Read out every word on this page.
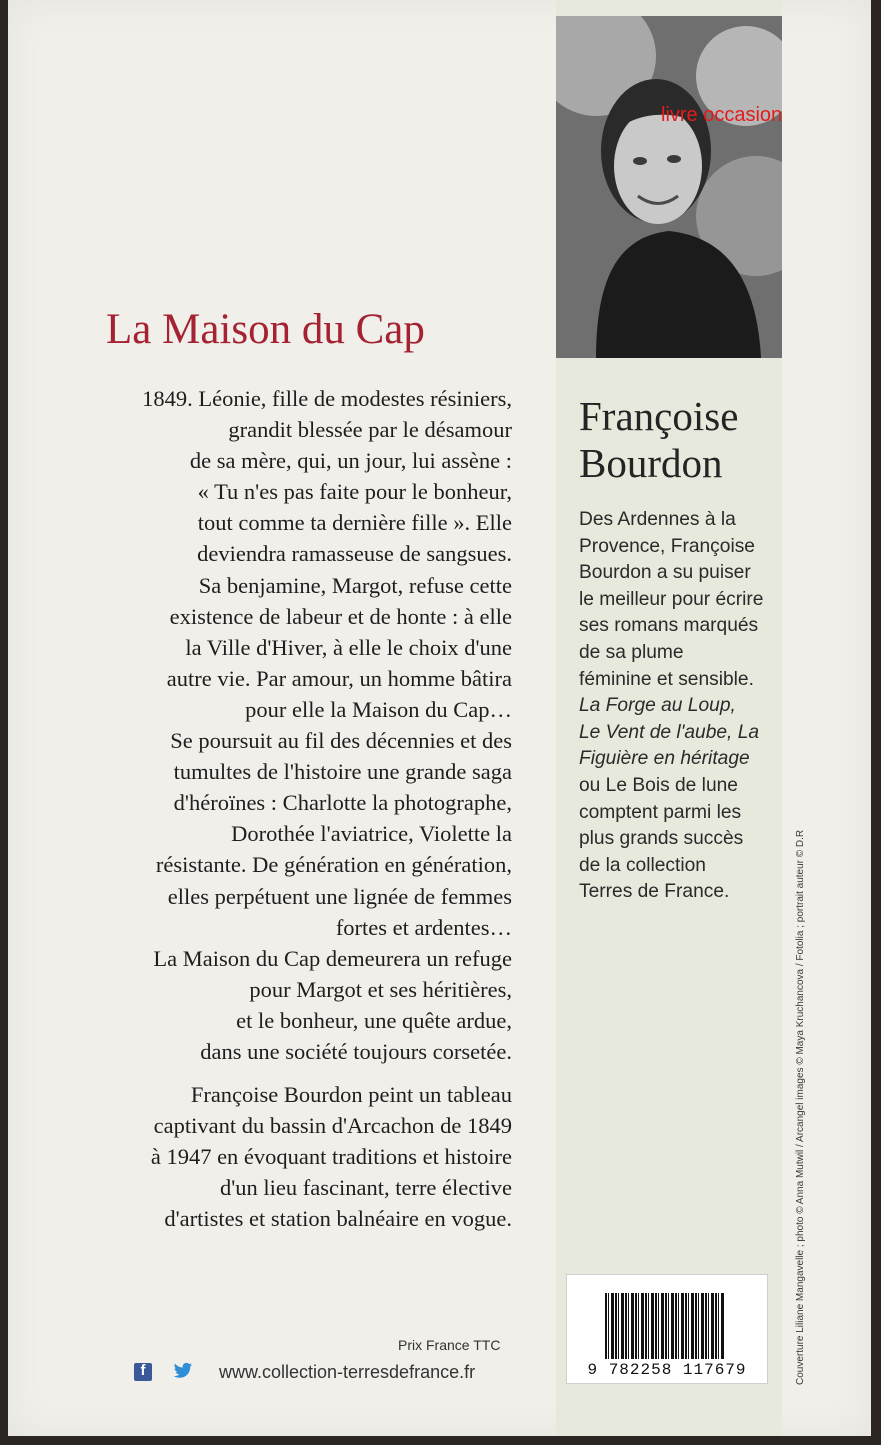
livre occasion
La Maison du Cap
1849. Léonie, fille de modestes résiniers,
grandit blessée par le désamour
de sa mère, qui, un jour, lui assène :
« Tu n'es pas faite pour le bonheur,
tout comme ta dernière fille ». Elle
deviendra ramasseuse de sangsues.
Sa benjamine, Margot, refuse cette
existence de labeur et de honte : à elle
la Ville d'Hiver, à elle le choix d'une
autre vie. Par amour, un homme bâtira
pour elle la Maison du Cap…
Se poursuit au fil des décennies et des
tumultes de l'histoire une grande saga
d'héroïnes : Charlotte la photographe,
Dorothée l'aviatrice, Violette la
résistante. De génération en génération,
elles perpétuent une lignée de femmes
fortes et ardentes…
La Maison du Cap demeurera un refuge
pour Margot et ses héritières,
et le bonheur, une quête ardue,
dans une société toujours corsetée.
Françoise Bourdon peint un tableau
captivant du bassin d'Arcachon de 1849
à 1947 en évoquant traditions et histoire
d'un lieu fascinant, terre élective
d'artistes et station balnéaire en vogue.
Françoise
Bourdon
Des Ardennes à la
Provence, Françoise
Bourdon a su puiser
le meilleur pour écrire
ses romans marqués
de sa plume
féminine et sensible.
La Forge au Loup,
Le Vent de l'aube, La
Figuière en héritage
ou Le Bois de lune
comptent parmi les
plus grands succès
de la collection
Terres de France.
9 782258 117679	Couverture Liliane Mangavelle ; photo © Anna Mutwil / Arcangel images © Maya Kruchancova / Fotolia ; portrait auteur © D.R
Prix France TTC
f	www.collection-terresdefrance.fr
